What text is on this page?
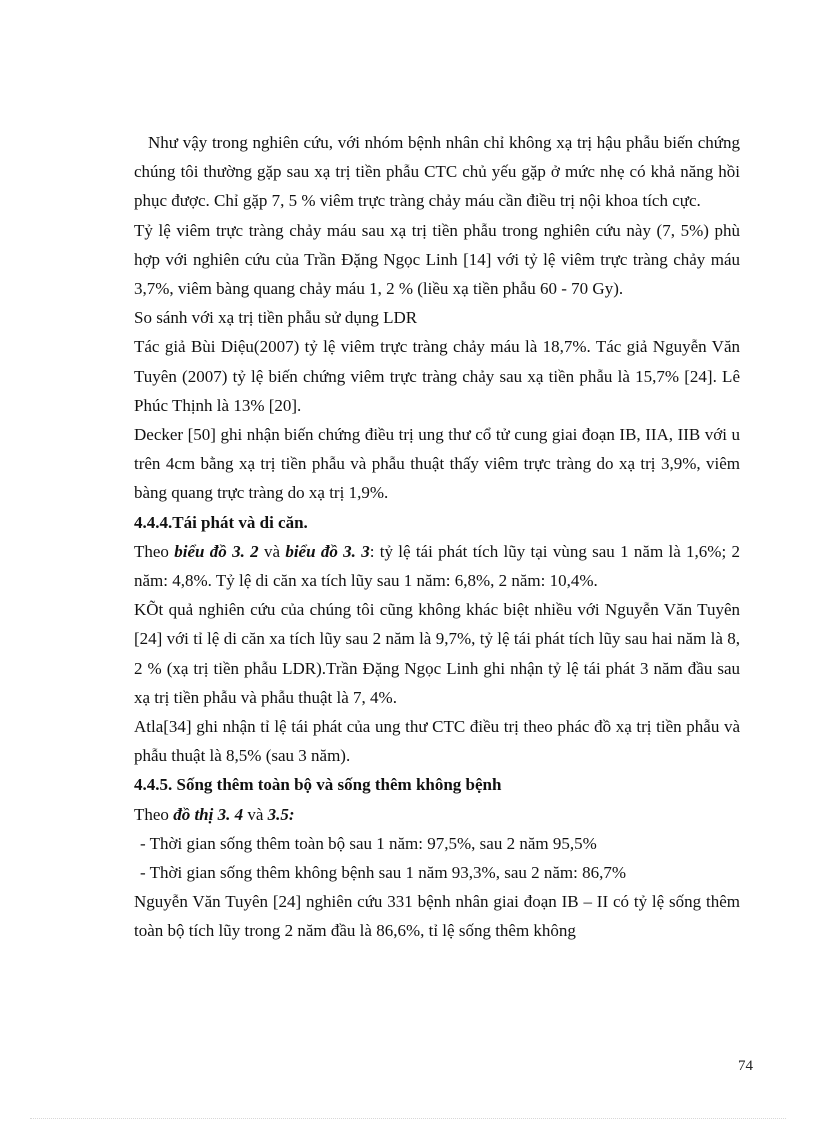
Như vậy trong nghiên cứu, với nhóm bệnh nhân chỉ không xạ trị hậu phẫu biến chứng chúng tôi thường gặp sau xạ trị tiền phẫu CTC chủ yếu gặp ở mức nhẹ có khả năng hồi phục được. Chỉ gặp 7, 5 % viêm trực tràng chảy máu cần điều trị nội khoa tích cực.

Tỷ lệ viêm trực tràng chảy máu sau xạ trị tiền phẫu trong nghiên cứu này (7, 5%) phù hợp với nghiên cứu của Trần Đặng Ngọc Linh [14] với tỷ lệ viêm trực tràng chảy máu 3,7%, viêm bàng quang chảy máu 1, 2 % (liều xạ tiền phẫu 60 - 70 Gy).

So sánh với xạ trị tiền phẫu sử dụng LDR

Tác giả Bùi Diệu(2007) tỷ lệ viêm trực tràng chảy máu là 18,7%. Tác giả Nguyễn Văn Tuyên (2007) tỷ lệ biến chứng viêm trực tràng chảy sau xạ tiền phẫu là 15,7% [24]. Lê Phúc Thịnh là 13% [20].

Decker [50] ghi nhận biến chứng điều trị ung thư cổ tử cung giai đoạn IB, IIA, IIB với u trên 4cm bằng xạ trị tiền phẫu và phẫu thuật thấy viêm trực tràng do xạ trị 3,9%, viêm bàng quang trực tràng do xạ trị 1,9%.

4.4.4.Tái phát và di căn.

Theo biểu đồ 3. 2 và biểu đồ 3. 3: tỷ lệ tái phát tích lũy tại vùng sau 1 năm là 1,6%; 2 năm: 4,8%. Tỷ lệ di căn xa tích lũy sau 1 năm: 6,8%, 2 năm: 10,4%.

KÕt quả nghiên cứu của chúng tôi cũng không khác biệt nhiều với Nguyễn Văn Tuyên [24] với tỉ lệ di căn xa tích lũy sau 2 năm là 9,7%, tỷ lệ tái phát tích lũy sau hai năm là 8, 2 % (xạ trị tiền phẫu LDR).Trần Đặng Ngọc Linh ghi nhận tỷ lệ tái phát 3 năm đầu sau xạ trị tiền phẫu và phẫu thuật là 7, 4%.

Atla[34] ghi nhận tỉ lệ tái phát của ung thư CTC điều trị theo phác đồ xạ trị tiền phẫu và phẫu thuật là 8,5% (sau 3 năm).

4.4.5. Sống thêm toàn bộ và sống thêm không bệnh

Theo đồ thị 3. 4 và 3.5:

- Thời gian sống thêm toàn bộ sau 1 năm: 97,5%, sau 2 năm 95,5%

- Thời gian sống thêm không bệnh sau 1 năm 93,3%, sau 2 năm: 86,7%

Nguyễn Văn Tuyên [24] nghiên cứu 331 bệnh nhân giai đoạn IB – II có tỷ lệ sống thêm toàn bộ tích lũy trong 2 năm đầu là 86,6%, tỉ lệ sống thêm không

74
